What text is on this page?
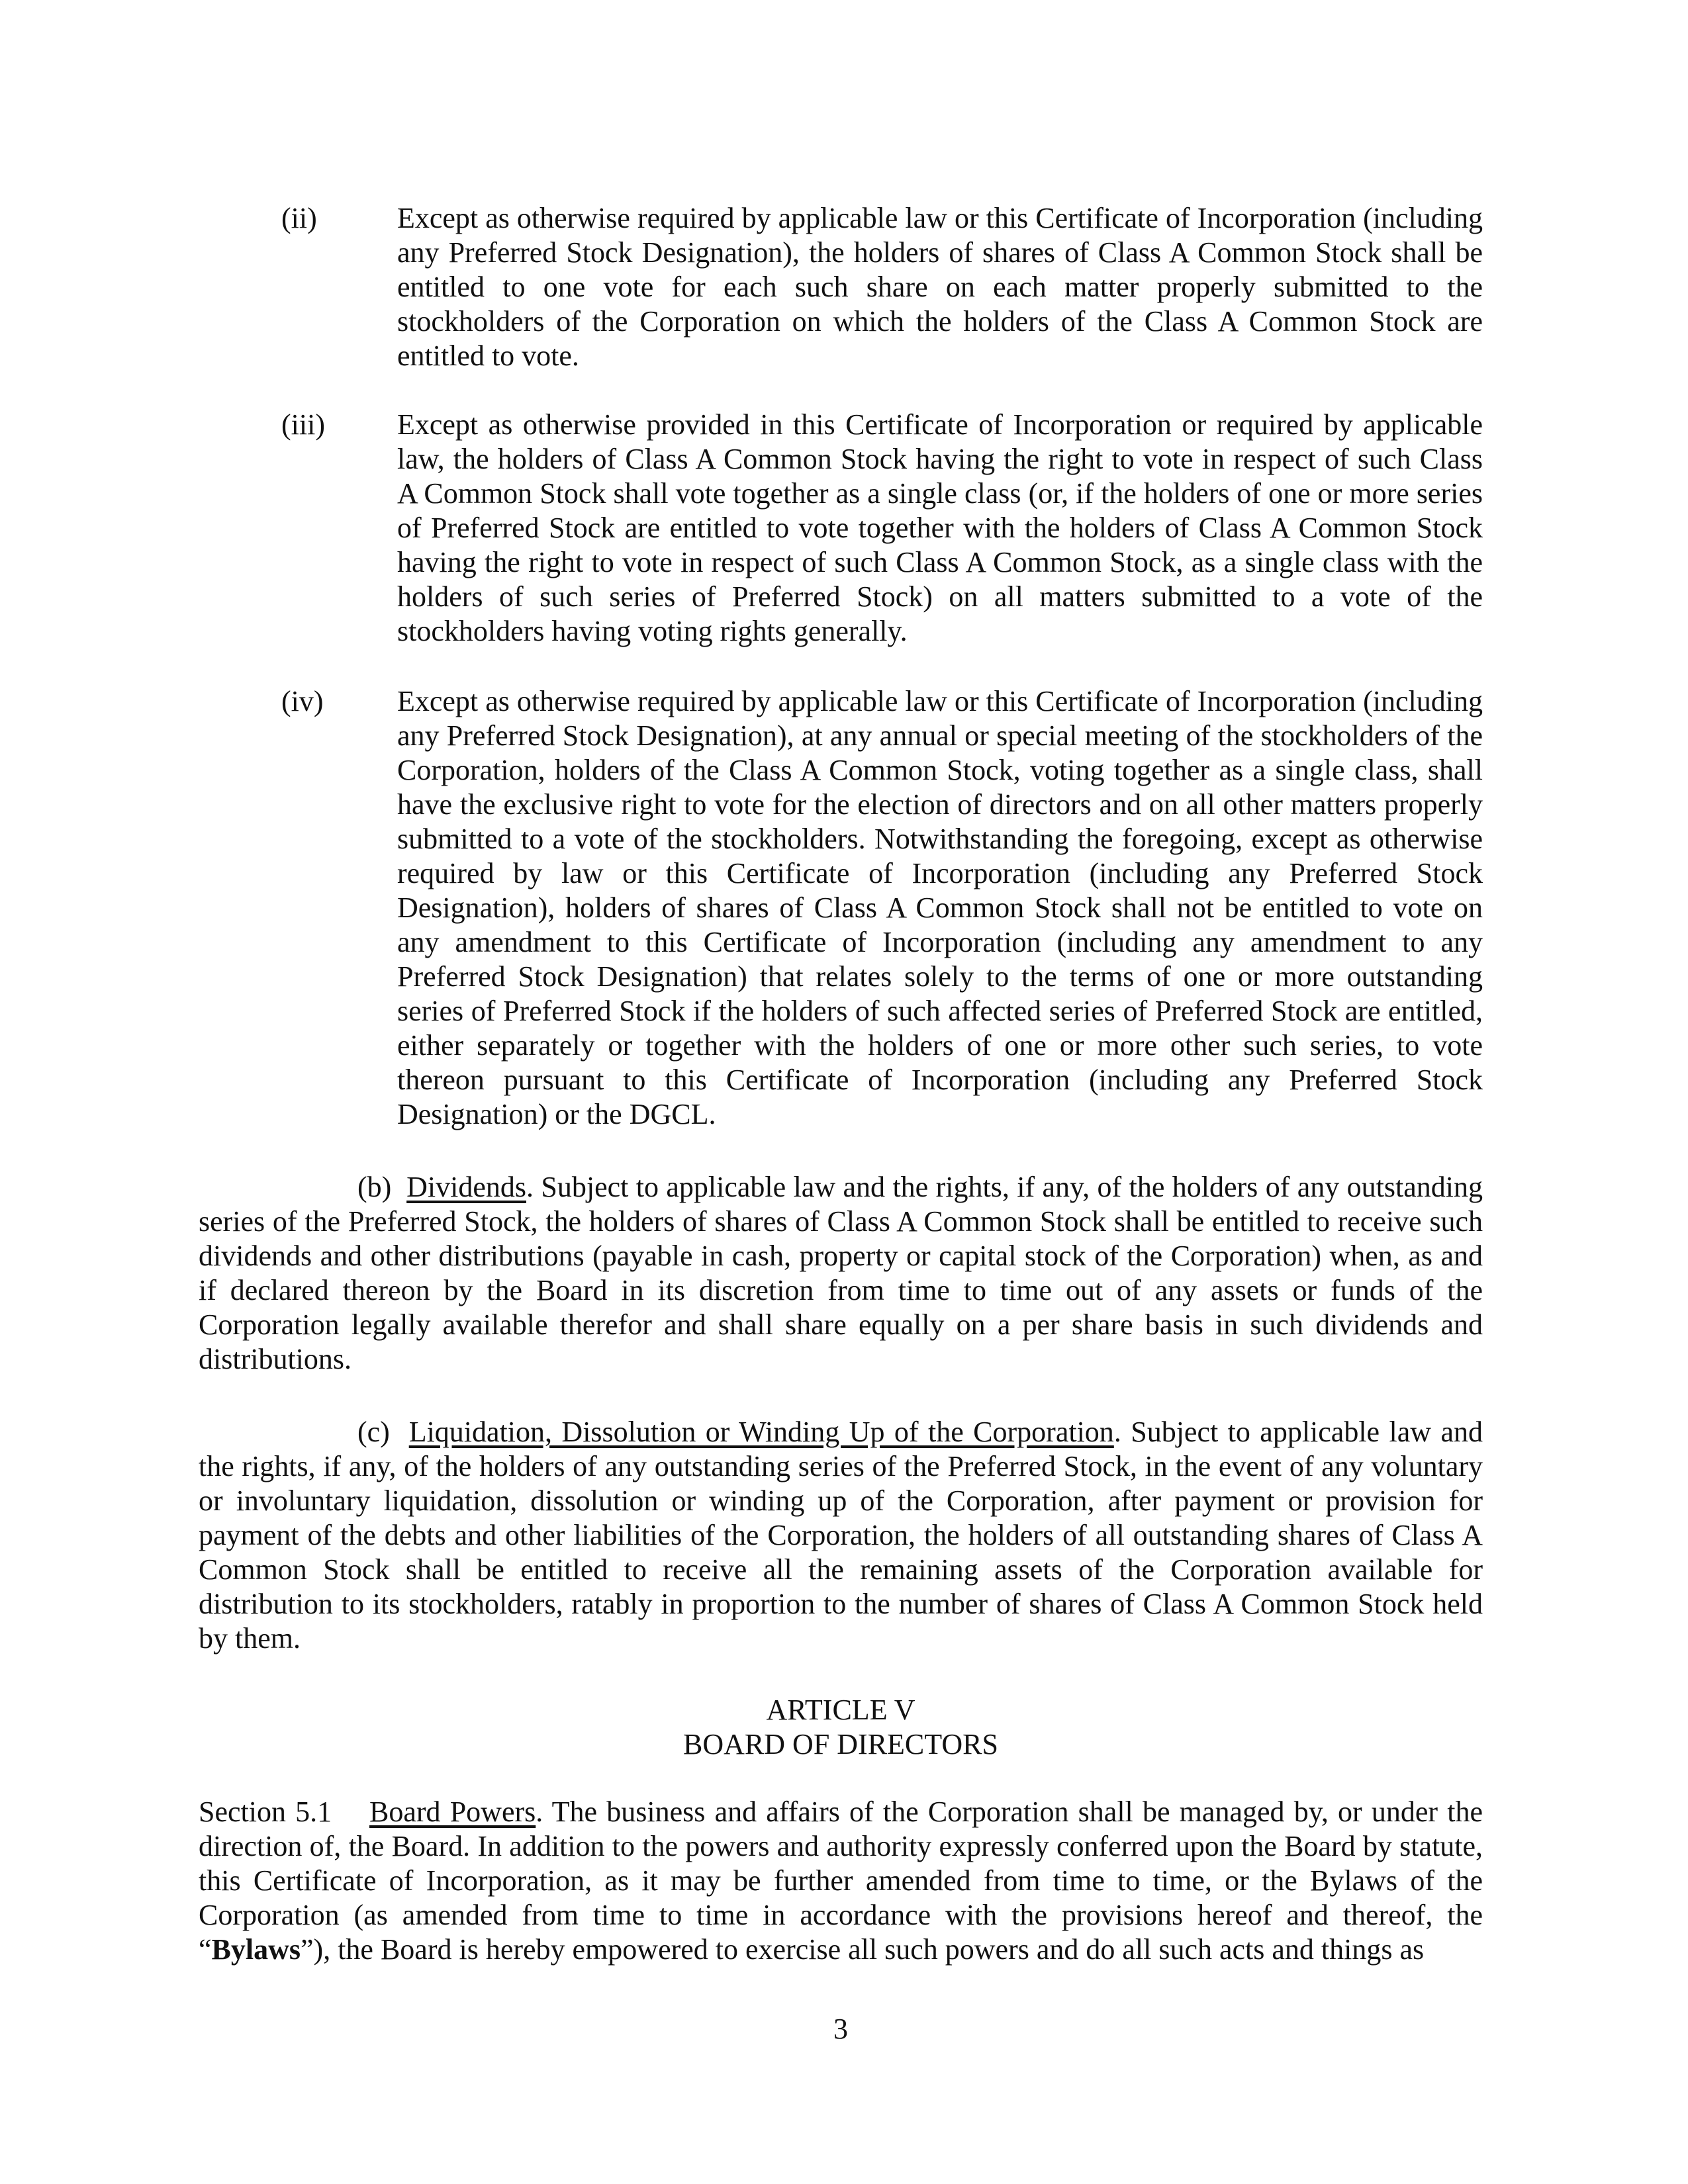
(ii)	Except as otherwise required by applicable law or this Certificate of Incorporation (including any Preferred Stock Designation), the holders of shares of Class A Common Stock shall be entitled to one vote for each such share on each matter properly submitted to the stockholders of the Corporation on which the holders of the Class A Common Stock are entitled to vote.

(iii) Except as otherwise provided in this Certificate of Incorporation or required by applicable law, the holders of Class A Common Stock having the right to vote in respect of such Class A Common Stock shall vote together as a single class (or, if the holders of one or more series of Preferred Stock are entitled to vote together with the holders of Class A Common Stock having the right to vote in respect of such Class A Common Stock, as a single class with the holders of such series of Preferred Stock) on all matters submitted to a vote of the stockholders having voting rights generally.

(iv)	Except as otherwise required by applicable law or this Certificate of Incorporation (including any Preferred Stock Designation), at any annual or special meeting of the stockholders of the Corporation, holders of the Class A Common Stock, voting together as a single class, shall have the exclusive right to vote for the election of directors and on all other matters properly submitted to a vote of the stockholders. Notwithstanding the foregoing, except as otherwise required by law or this Certificate of Incorporation (including any Preferred Stock Designation), holders of shares of Class A Common Stock shall not be entitled to vote on any amendment to this Certificate of Incorporation (including any amendment to any Preferred Stock Designation) that relates solely to the terms of one or more outstanding series of Preferred Stock if the holders of such affected series of Preferred Stock are entitled, either separately or together with the holders of one or more other such series, to vote thereon pursuant to this Certificate of Incorporation (including any Preferred Stock Designation) or the DGCL.

(b) Dividends. Subject to applicable law and the rights, if any, of the holders of any outstanding series of the Preferred Stock, the holders of shares of Class A Common Stock shall be entitled to receive such dividends and other distributions (payable in cash, property or capital stock of the Corporation) when, as and if declared thereon by the Board in its discretion from time to time out of any assets or funds of the Corporation legally available therefor and shall share equally on a per share basis in such dividends and distributions.

(c) Liquidation, Dissolution or Winding Up of the Corporation. Subject to applicable law and the rights, if any, of the holders of any outstanding series of the Preferred Stock, in the event of any voluntary or involuntary liquidation, dissolution or winding up of the Corporation, after payment or provision for payment of the debts and other liabilities of the Corporation, the holders of all outstanding shares of Class A Common Stock shall be entitled to receive all the remaining assets of the Corporation available for distribution to its stockholders, ratably in proportion to the number of shares of Class A Common Stock held by them.

ARTICLE V
BOARD OF DIRECTORS

Section 5.1 Board Powers. The business and affairs of the Corporation shall be managed by, or under the direction of, the Board. In addition to the powers and authority expressly conferred upon the Board by statute, this Certificate of Incorporation, as it may be further amended from time to time, or the Bylaws of the Corporation (as amended from time to time in accordance with the provisions hereof and thereof, the “Bylaws”), the Board is hereby empowered to exercise all such powers and do all such acts and things as

3
